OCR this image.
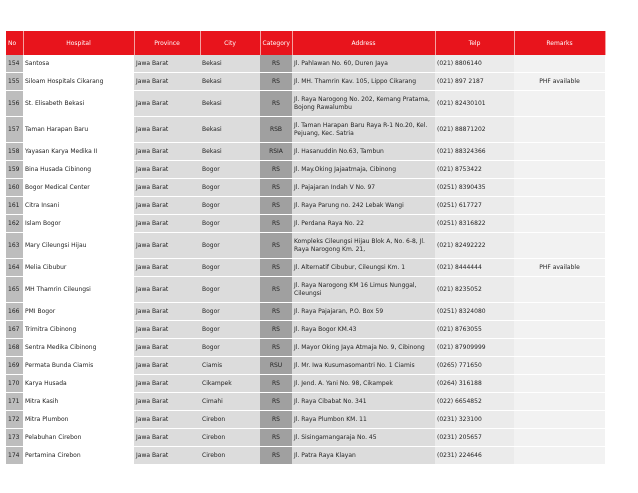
No	Hospital	Province	City	Category	Address	Telp	Remarks
154	Santosa	Jawa Barat	Bekasi	RS	Jl. Pahlawan No. 60, Duren Jaya	(021) 8806140	
155	Siloam Hospitals Cikarang	Jawa Barat	Bekasi	RS	Jl. MH. Thamrin Kav. 105, Lippo Cikarang	(021) 897 2187	PHF available
156	St. Elisabeth Bekasi	Jawa Barat	Bekasi	RS	Jl. Raya Narogong No. 202, Kemang Pratama, Bojong Rawalumbu	(021) 82430101	
157	Taman Harapan Baru	Jawa Barat	Bekasi	RSB	Jl. Taman Harapan Baru Raya R-1 No.20, Kel. Pejuang, Kec. Satria	(021) 88871202	
158	Yayasan Karya Medika II	Jawa Barat	Bekasi	RSIA	Jl. Hasanuddin No.63, Tambun	(021) 88324366	
159	Bina Husada Cibinong	Jawa Barat	Bogor	RS	Jl. May.Oking Jajaatmaja, Cibinong	(021) 8753422	
160	Bogor Medical Center	Jawa Barat	Bogor	RS	Jl. Pajajaran Indah V No. 97	(0251) 8390435	
161	Citra Insani	Jawa Barat	Bogor	RS	Jl. Raya Parung no. 242 Lebak Wangi	(0251) 617727	
162	Islam Bogor	Jawa Barat	Bogor	RS	Jl. Perdana Raya No. 22	(0251) 8316822	
163	Mary Cileungsi Hijau	Jawa Barat	Bogor	RS	Kompleks Cileungsi Hijau Blok A, No. 6-8, Jl. Raya Narogong Km. 21,	(021) 82492222	
164	Melia Cibubur	Jawa Barat	Bogor	RS	Jl. Alternatif Cibubur, Cileungsi Km. 1	(021) 8444444	PHF available
165	MH Thamrin Cileungsi	Jawa Barat	Bogor	RS	Jl. Raya Narogong KM 16 Limus Nunggal, Cileungsi	(021) 8235052	
166	PMI Bogor	Jawa Barat	Bogor	RS	Jl. Raya Pajajaran, P.O. Box 59	(0251) 8324080	
167	Trimitra Cibinong	Jawa Barat	Bogor	RS	Jl. Raya Bogor KM.43	(021) 8763055	
168	Sentra Medika Cibinong	Jawa Barat	Bogor	RS	Jl. Mayor Oking Jaya Atmaja No. 9, Cibinong	(021) 87909999	
169	Permata Bunda Ciamis	Jawa Barat	Ciamis	RSU	Jl. Mr. Iwa Kusumasomantri No. 1 Ciamis	(0265) 771650	
170	Karya Husada	Jawa Barat	Cikampek	RS	Jl. Jend. A. Yani No. 98, Cikampek	(0264) 316188	
171	Mitra Kasih	Jawa Barat	Cimahi	RS	Jl. Raya Cibabat No. 341	(022) 6654852	
172	Mitra Plumbon	Jawa Barat	Cirebon	RS	Jl. Raya Plumbon KM. 11	(0231) 323100	
173	Pelabuhan Cirebon	Jawa Barat	Cirebon	RS	Jl. Sisingamangaraja No. 45	(0231) 205657	
174	Pertamina Cirebon	Jawa Barat	Cirebon	RS	Jl. Patra Raya Klayan	(0231) 224646	
